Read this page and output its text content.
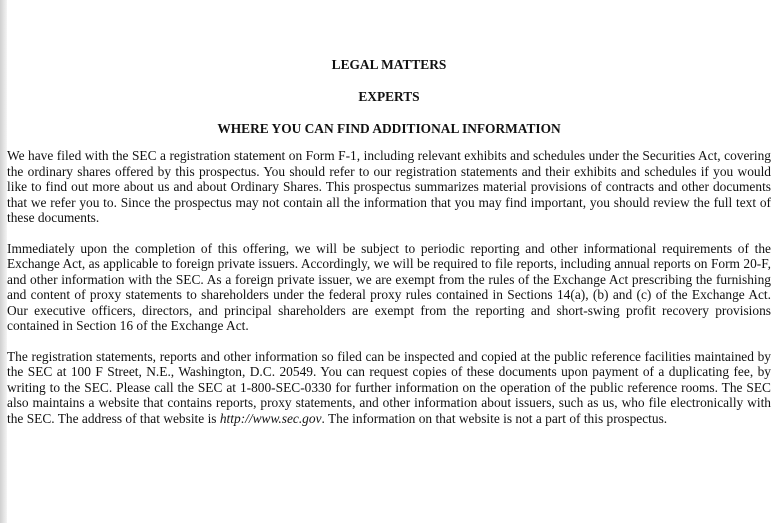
LEGAL MATTERS

EXPERTS

WHERE YOU CAN FIND ADDITIONAL INFORMATION

We have filed with the SEC a registration statement on Form F-1, including relevant exhibits and schedules under the Securities Act, covering the ordinary shares offered by this prospectus. You should refer to our registration statements and their exhibits and schedules if you would like to find out more about us and about Ordinary Shares. This prospectus summarizes material provisions of contracts and other documents that we refer you to. Since the prospectus may not contain all the information that you may find important, you should review the full text of these documents.

Immediately upon the completion of this offering, we will be subject to periodic reporting and other informational requirements of the Exchange Act, as applicable to foreign private issuers. Accordingly, we will be required to file reports, including annual reports on Form 20-F, and other information with the SEC. As a foreign private issuer, we are exempt from the rules of the Exchange Act prescribing the furnishing and content of proxy statements to shareholders under the federal proxy rules contained in Sections 14(a), (b) and (c) of the Exchange Act. Our executive officers, directors, and principal shareholders are exempt from the reporting and short-swing profit recovery provisions contained in Section 16 of the Exchange Act.

The registration statements, reports and other information so filed can be inspected and copied at the public reference facilities maintained by the SEC at 100 F Street, N.E., Washington, D.C. 20549. You can request copies of these documents upon payment of a duplicating fee, by writing to the SEC. Please call the SEC at 1-800-SEC-0330 for further information on the operation of the public reference rooms. The SEC also maintains a website that contains reports, proxy statements, and other information about issuers, such as us, who file electronically with the SEC. The address of that website is http://www.sec.gov. The information on that website is not a part of this prospectus.
